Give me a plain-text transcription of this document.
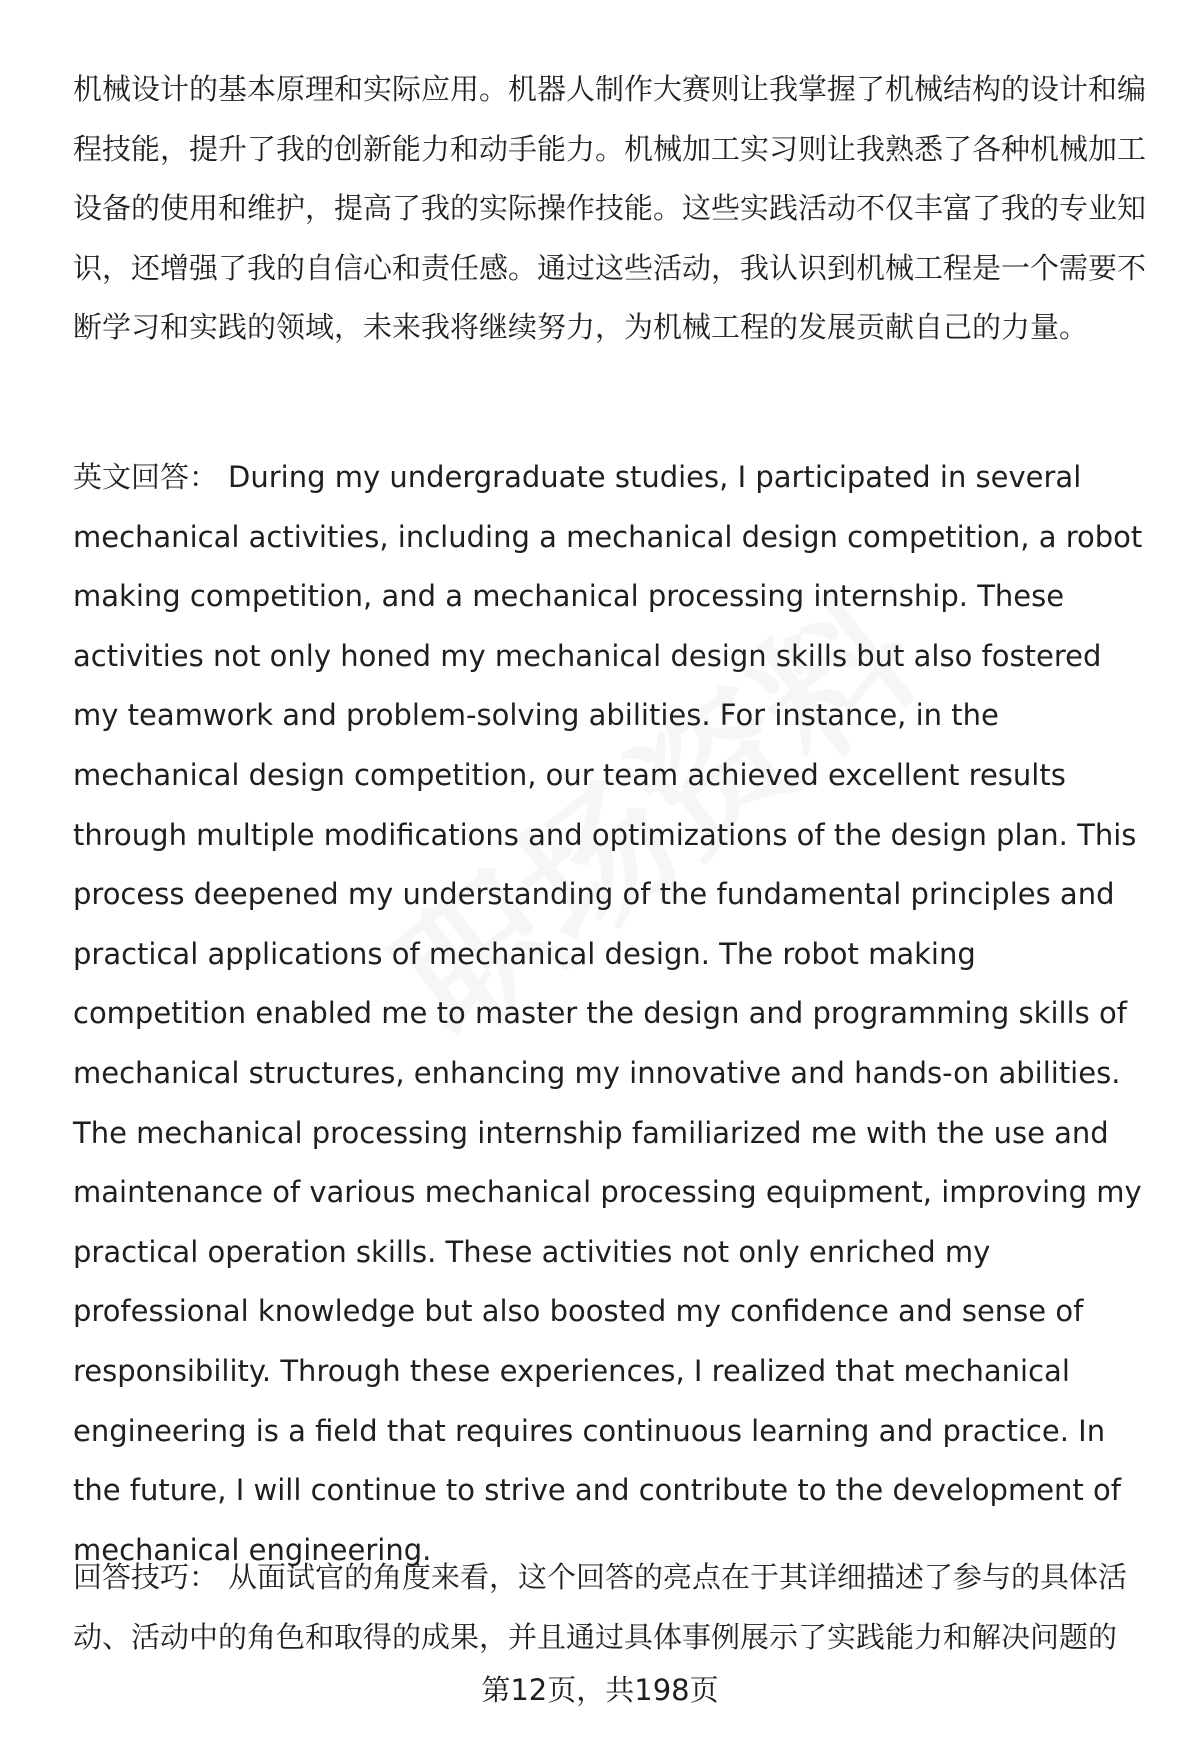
机械设计的基本原理和实际应用。机器人制作大赛则让我掌握了机械结构的设计和编程技能，提升了我的创新能力和动手能力。机械加工实习则让我熟悉了各种机械加工设备的使用和维护，提高了我的实际操作技能。这些实践活动不仅丰富了我的专业知识，还增强了我的自信心和责任感。通过这些活动，我认识到机械工程是一个需要不断学习和实践的领域，未来我将继续努力，为机械工程的发展贡献自己的力量。
英文回答： During my undergraduate studies, I participated in several mechanical activities, including a mechanical design competition, a robot making competition, and a mechanical processing internship. These activities not only honed my mechanical design skills but also fostered my teamwork and problem-solving abilities. For instance, in the mechanical design competition, our team achieved excellent results through multiple modifications and optimizations of the design plan. This process deepened my understanding of the fundamental principles and practical applications of mechanical design. The robot making competition enabled me to master the design and programming skills of mechanical structures, enhancing my innovative and hands-on abilities. The mechanical processing internship familiarized me with the use and maintenance of various mechanical processing equipment, improving my practical operation skills. These activities not only enriched my professional knowledge but also boosted my confidence and sense of responsibility. Through these experiences, I realized that mechanical engineering is a field that requires continuous learning and practice. In the future, I will continue to strive and contribute to the development of mechanical engineering.
回答技巧： 从面试官的角度来看，这个回答的亮点在于其详细描述了参与的具体活动、活动中的角色和取得的成果，并且通过具体事例展示了实践能力和解决问题的
第12页，共198页
